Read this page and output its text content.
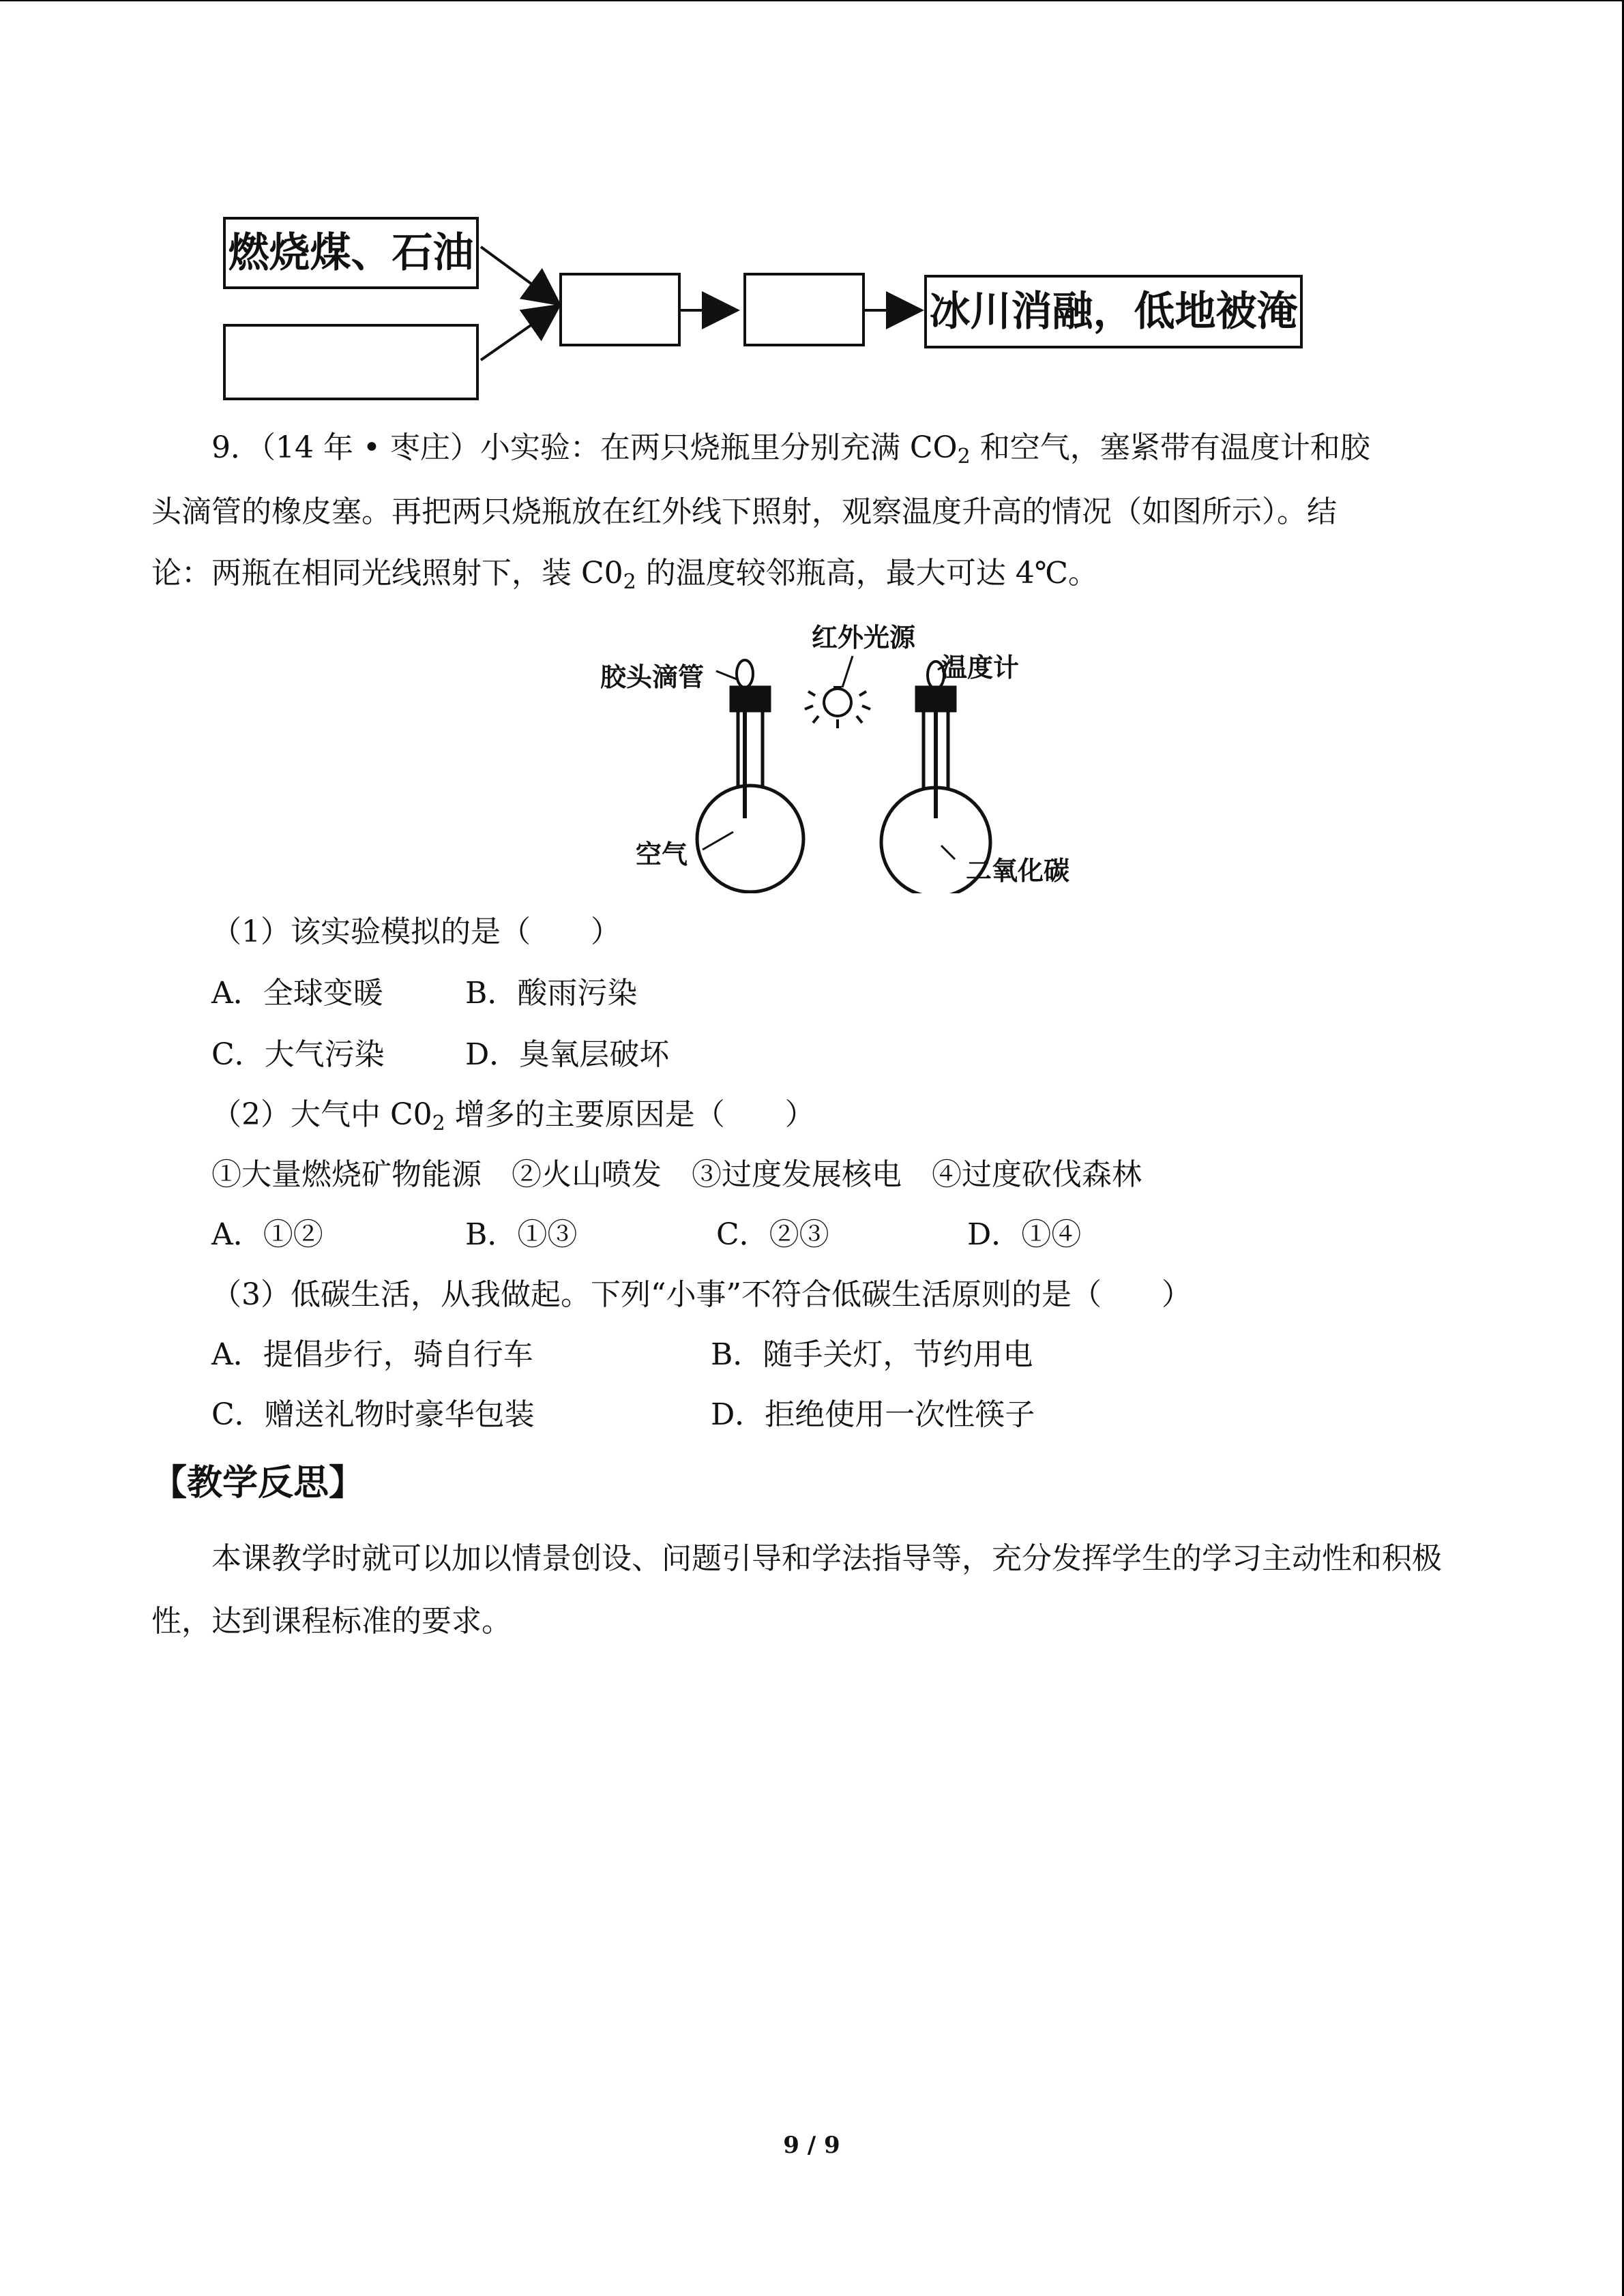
燃烧煤、石油
冰川消融，低地被淹
9．（14 年 • 枣庄）小实验：在两只烧瓶里分别充满 $CO_2$ 和空气，塞紧带有温度计和胶
头滴管的橡皮塞。再把两只烧瓶放在红外线下照射，观察温度升高的情况（如图所示）。结
论：两瓶在相同光线照射下，装 $C0_2$ 的温度较邻瓶高，最大可达 4℃。
胶头滴管
红外光源
温度计
空气
二氧化碳
（1）该实验模拟的是（　　）
A．全球变暖	B．酸雨污染
C．大气污染	D．臭氧层破坏
（2）大气中 $C0_2$ 增多的主要原因是（　　）
①大量燃烧矿物能源　②火山喷发　③过度发展核电　④过度砍伐森林
A．①②	B．①③	C．②③	D．①④
（3）低碳生活，从我做起。下列“小事”不符合低碳生活原则的是（　　）
A．提倡步行，骑自行车	B．随手关灯，节约用电
C．赠送礼物时豪华包装	D．拒绝使用一次性筷子
【教学反思】
本课教学时就可以加以情景创设、问题引导和学法指导等，充分发挥学生的学习主动性和积极性，达到课程标准的要求。
9 / 9
